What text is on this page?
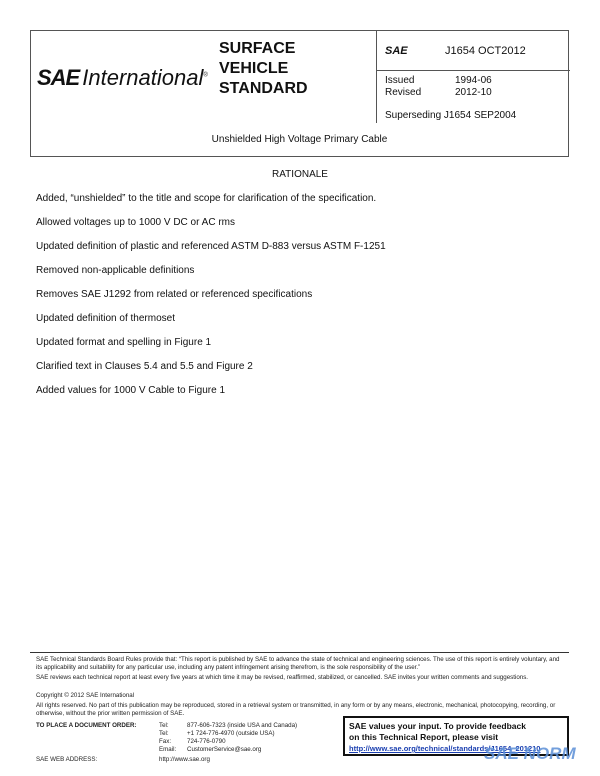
SAE International®
SURFACE
VEHICLE
STANDARD
SAE	J1654 OCT2012
Issued	1994-06
Revised	2012-10
Superseding J1654 SEP2004
Unshielded High Voltage Primary Cable
RATIONALE
Added, “unshielded” to the title and scope for clarification of the specification.
Allowed voltages up to 1000 V DC or AC rms
Updated definition of plastic and referenced ASTM D-883 versus ASTM F-1251
Removed non-applicable definitions
Removes SAE J1292 from related or referenced specifications
Updated definition of thermoset
Updated format and spelling in Figure 1
Clarified text in Clauses 5.4 and 5.5 and Figure 2
Added values for 1000 V Cable to Figure 1
SAE Technical Standards Board Rules provide that: “This report is published by SAE to advance the state of technical and engineering sciences. The use of this report is entirely voluntary, and its applicability and suitability for any particular use, including any patent infringement arising therefrom, is the sole responsibility of the user.”
SAE reviews each technical report at least every five years at which time it may be revised, reaffirmed, stabilized, or cancelled. SAE invites your written comments and suggestions.
Copyright © 2012 SAE International
All rights reserved. No part of this publication may be reproduced, stored in a retrieval system or transmitted, in any form or by any means, electronic, mechanical, photocopying, recording, or otherwise, without the prior written permission of SAE.
TO PLACE A DOCUMENT ORDER:	Tel:	877-606-7323 (inside USA and Canada)
Tel:	+1 724-776-4970 (outside USA)
Fax:	724-776-0790
Email: CustomerService@sae.org
SAE WEB ADDRESS:	http://www.sae.org
SAE values your input. To provide feedback
on this Technical Report, please visit
http://www.sae.org/technical/standards/J1654_201210
SAE NORM
